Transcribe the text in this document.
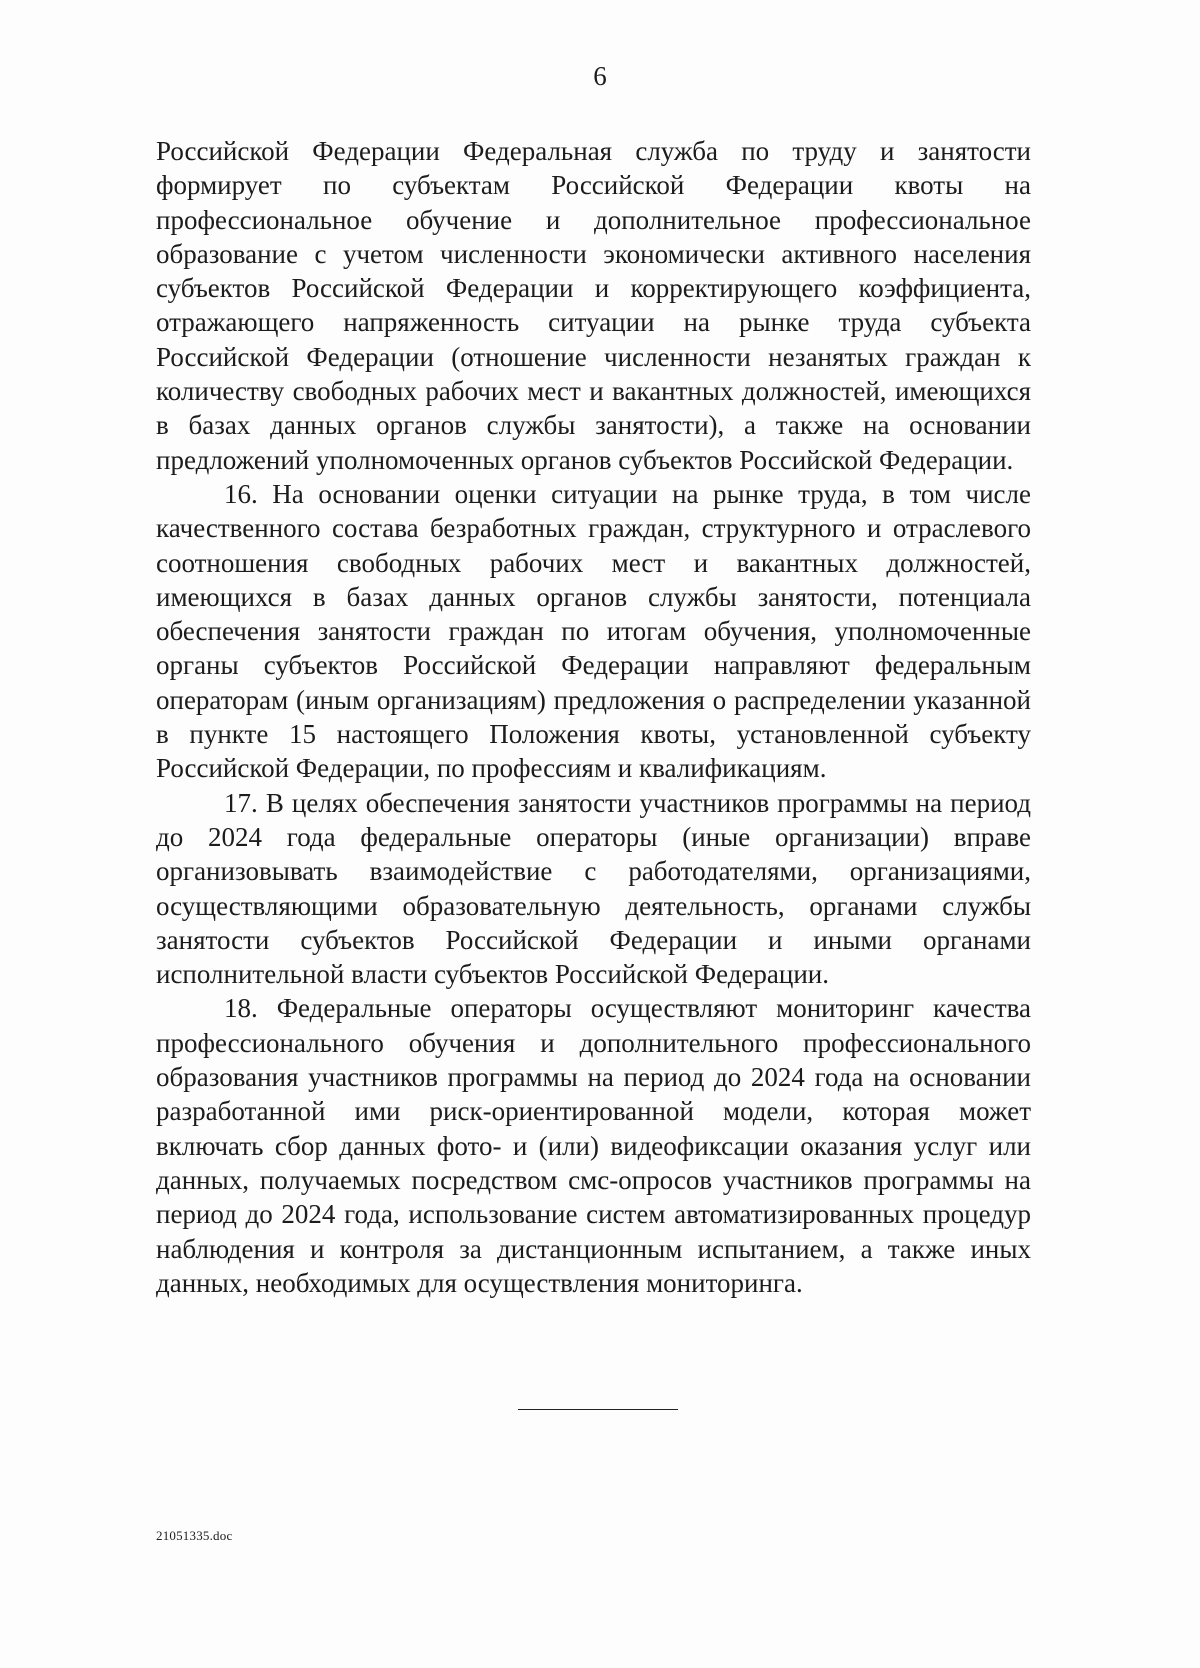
6

Российской Федерации Федеральная служба по труду и занятости формирует по субъектам Российской Федерации квоты на профессиональное обучение и дополнительное профессиональное образование с учетом численности экономически активного населения субъектов Российской Федерации и корректирующего коэффициента, отражающего напряженность ситуации на рынке труда субъекта Российской Федерации (отношение численности незанятых граждан к количеству свободных рабочих мест и вакантных должностей, имеющихся в базах данных органов службы занятости), а также на основании предложений уполномоченных органов субъектов Российской Федерации.

16. На основании оценки ситуации на рынке труда, в том числе качественного состава безработных граждан, структурного и отраслевого соотношения свободных рабочих мест и вакантных должностей, имеющихся в базах данных органов службы занятости, потенциала обеспечения занятости граждан по итогам обучения, уполномоченные органы субъектов Российской Федерации направляют федеральным операторам (иным организациям) предложения о распределении указанной в пункте 15 настоящего Положения квоты, установленной субъекту Российской Федерации, по профессиям и квалификациям.

17. В целях обеспечения занятости участников программы на период до 2024 года федеральные операторы (иные организации) вправе организовывать взаимодействие с работодателями, организациями, осуществляющими образовательную деятельность, органами службы занятости субъектов Российской Федерации и иными органами исполнительной власти субъектов Российской Федерации.

18. Федеральные операторы осуществляют мониторинг качества профессионального обучения и дополнительного профессионального образования участников программы на период до 2024 года на основании разработанной ими риск-ориентированной модели, которая может включать сбор данных фото- и (или) видеофиксации оказания услуг или данных, получаемых посредством смс-опросов участников программы на период до 2024 года, использование систем автоматизированных процедур наблюдения и контроля за дистанционным испытанием, а также иных данных, необходимых для осуществления мониторинга.

21051335.doc
